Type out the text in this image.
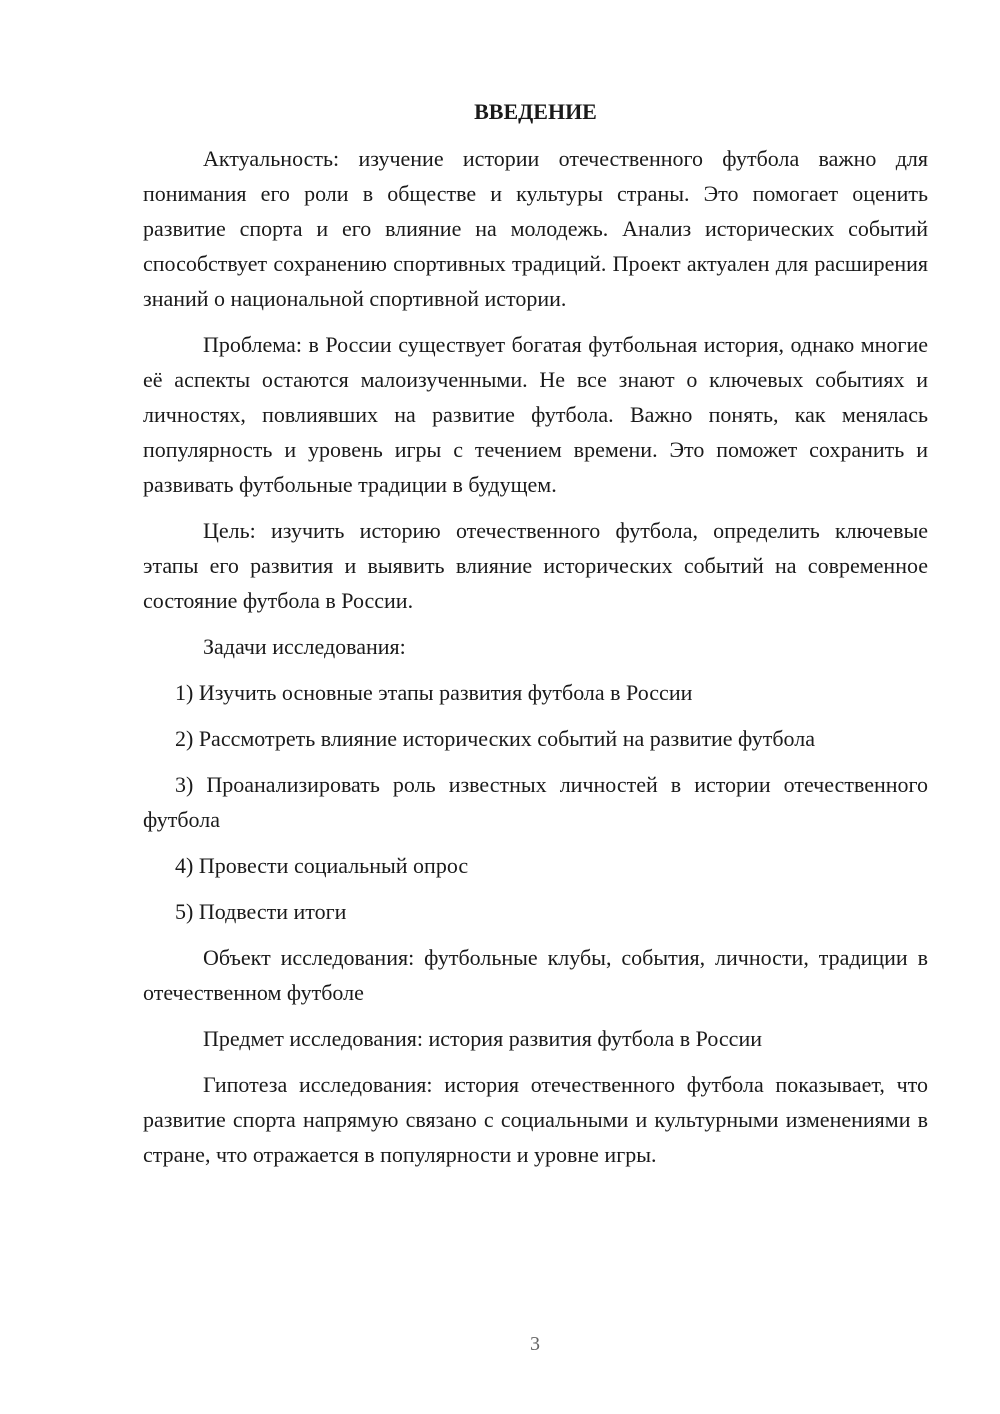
ВВЕДЕНИЕ

Актуальность: изучение истории отечественного футбола важно для понимания его роли в обществе и культуры страны. Это помогает оценить развитие спорта и его влияние на молодежь. Анализ исторических событий способствует сохранению спортивных традиций. Проект актуален для расширения знаний о национальной спортивной истории.

Проблема: в России существует богатая футбольная история, однако многие её аспекты остаются малоизученными. Не все знают о ключевых событиях и личностях, повлиявших на развитие футбола. Важно понять, как менялась популярность и уровень игры с течением времени. Это поможет сохранить и развивать футбольные традиции в будущем.

Цель: изучить историю отечественного футбола, определить ключевые этапы его развития и выявить влияние исторических событий на современное состояние футбола в России.

Задачи исследования:

1) Изучить основные этапы развития футбола в России

2) Рассмотреть влияние исторических событий на развитие футбола

3) Проанализировать роль известных личностей в истории отечественного футбола

4) Провести социальный опрос

5) Подвести итоги

Объект исследования: футбольные клубы, события, личности, традиции в отечественном футболе

Предмет исследования: история развития футбола в России

Гипотеза исследования: история отечественного футбола показывает, что развитие спорта напрямую связано с социальными и культурными изменениями в стране, что отражается в популярности и уровне игры.

3
